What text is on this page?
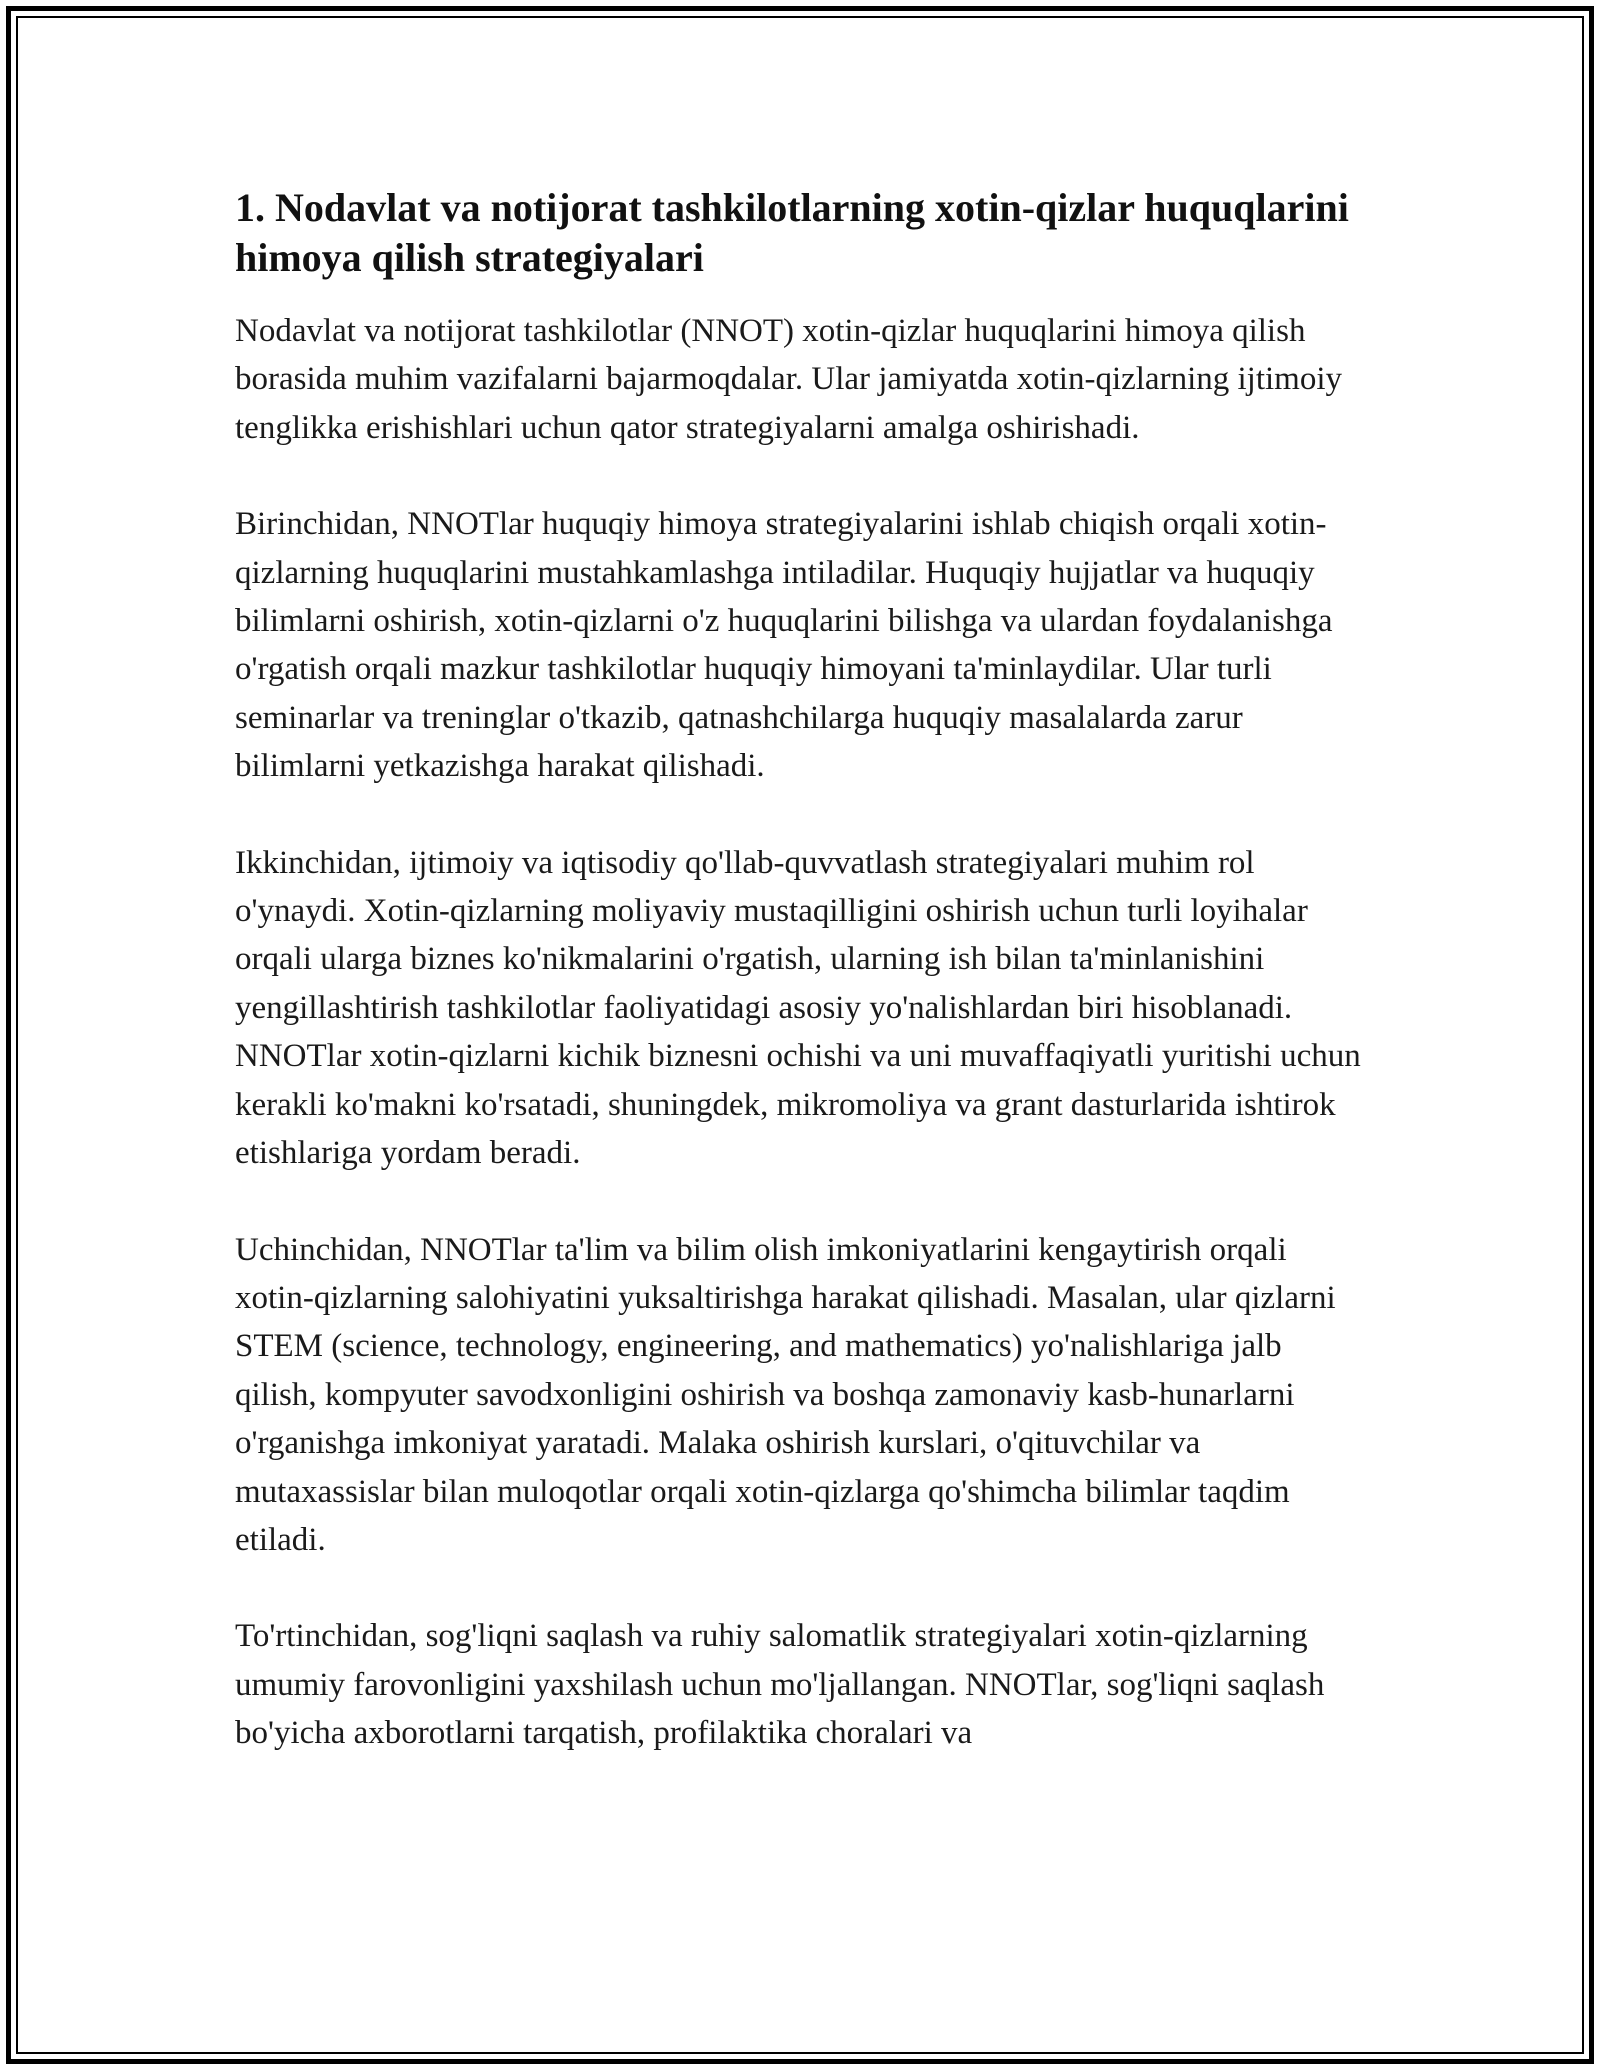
1. Nodavlat va notijorat tashkilotlarning xotin-qizlar huquqlarini himoya qilish strategiyalari

Nodavlat va notijorat tashkilotlar (NNOT) xotin-qizlar huquqlarini himoya qilish borasida muhim vazifalarni bajarmoqdalar. Ular jamiyatda xotin-qizlarning ijtimoiy tenglikka erishishlari uchun qator strategiyalarni amalga oshirishadi.

Birinchidan, NNOTlar huquqiy himoya strategiyalarini ishlab chiqish orqali xotin-qizlarning huquqlarini mustahkamlashga intiladilar. Huquqiy hujjatlar va huquqiy bilimlarni oshirish, xotin-qizlarni o'z huquqlarini bilishga va ulardan foydalanishga o'rgatish orqali mazkur tashkilotlar huquqiy himoyani ta'minlaydilar. Ular turli seminarlar va treninglar o'tkazib, qatnashchilarga huquqiy masalalarda zarur bilimlarni yetkazishga harakat qilishadi.

Ikkinchidan, ijtimoiy va iqtisodiy qo'llab-quvvatlash strategiyalari muhim rol o'ynaydi. Xotin-qizlarning moliyaviy mustaqilligini oshirish uchun turli loyihalar orqali ularga biznes ko'nikmalarini o'rgatish, ularning ish bilan ta'minlanishini yengillashtirish tashkilotlar faoliyatidagi asosiy yo'nalishlardan biri hisoblanadi. NNOTlar xotin-qizlarni kichik biznesni ochishi va uni muvaffaqiyatli yuritishi uchun kerakli ko'makni ko'rsatadi, shuningdek, mikromoliya va grant dasturlarida ishtirok etishlariga yordam beradi.

Uchinchidan, NNOTlar ta'lim va bilim olish imkoniyatlarini kengaytirish orqali xotin-qizlarning salohiyatini yuksaltirishga harakat qilishadi. Masalan, ular qizlarni STEM (science, technology, engineering, and mathematics) yo'nalishlariga jalb qilish, kompyuter savodxonligini oshirish va boshqa zamonaviy kasb-hunarlarni o'rganishga imkoniyat yaratadi. Malaka oshirish kurslari, o'qituvchilar va mutaxassislar bilan muloqotlar orqali xotin-qizlarga qo'shimcha bilimlar taqdim etiladi.

To'rtinchidan, sog'liqni saqlash va ruhiy salomatlik strategiyalari xotin-qizlarning umumiy farovonligini yaxshilash uchun mo'ljallangan. NNOTlar, sog'liqni saqlash bo'yicha axborotlarni tarqatish, profilaktika choralari va
